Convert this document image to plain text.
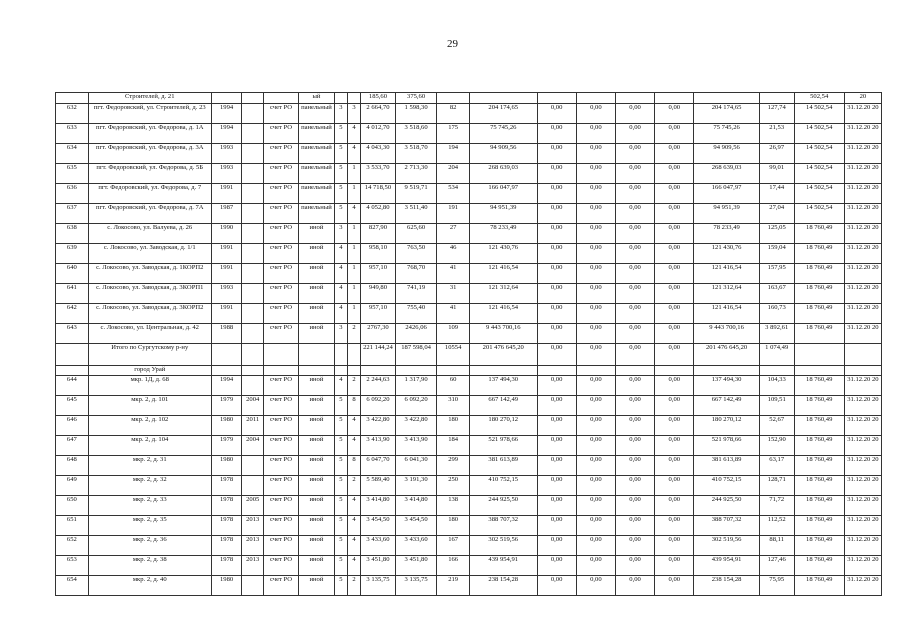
29
	Строителей, д. 21				ый			185,60	375,60									502,54	20
632	пгт. Федоровский, ул. Строителей, д. 23	1994		счет РО	панельный	3	3	2 664,70	1 598,30	82	204 174,65	0,00	0,00	0,00	0,00	204 174,65	127,74	14 502,54	31.12.20 20
633	пгт. Федоровский, ул. Федорова, д. 1А	1994		счет РО	панельный	5	4	4 012,70	3 518,60	175	75 745,26	0,00	0,00	0,00	0,00	75 745,26	21,53	14 502,54	31.12.20 20
634	пгт. Федоровский, ул. Федорова, д. 3А	1993		счет РО	панельный	5	4	4 043,30	3 518,70	194	94 909,56	0,00	0,00	0,00	0,00	94 909,56	26,97	14 502,54	31.12.20 20
635	пгт. Федоровский, ул. Федорова, д. 5Б	1993		счет РО	панельный	5	1	3 533,70	2 713,30	204	268 639,03	0,00	0,00	0,00	0,00	268 639,03	99,01	14 502,54	31.12.20 20
636	пгт. Федоровский, ул. Федорова, д. 7	1991		счет РО	панельный	5	1	14 718,50	9 519,71	534	166 047,97	0,00	0,00	0,00	0,00	166 047,97	17,44	14 502,54	31.12.20 20
637	пгт. Федоровский, ул. Федорова, д. 7А	1987		счет РО	панельный	5	4	4 052,80	3 511,40	191	94 951,39	0,00	0,00	0,00	0,00	94 951,39	27,04	14 502,54	31.12.20 20
638	с. Локосово, ул. Валуева, д. 26	1990		счет РО	иной	3	1	827,90	625,60	27	78 233,49	0,00	0,00	0,00	0,00	78 233,49	125,05	18 760,49	31.12.20 20
639	с. Локосово, ул. Заводская, д. 1/1	1991		счет РО	иной	4	1	958,10	763,50	46	121 430,76	0,00	0,00	0,00	0,00	121 430,76	159,04	18 760,49	31.12.20 20
640	с. Локосово, ул. Заводская, д. 1КОРП2	1991		счет РО	иной	4	1	957,10	768,70	41	121 416,54	0,00	0,00	0,00	0,00	121 416,54	157,95	18 760,49	31.12.20 20
641	с. Локосово, ул. Заводская, д. 3КОРП1	1993		счет РО	иной	4	1	949,80	741,19	31	121 312,64	0,00	0,00	0,00	0,00	121 312,64	163,67	18 760,49	31.12.20 20
642	с. Локосово, ул. Заводская, д. 3КОРП2	1991		счет РО	иной	4	1	957,10	755,40	41	121 416,54	0,00	0,00	0,00	0,00	121 416,54	160,73	18 760,49	31.12.20 20
643	с. Локосово, ул. Центральная, д. 42	1988		счет РО	иной	3	2	2767,30	2426,06	109	9 443 700,16	0,00	0,00	0,00	0,00	9 443 700,16	3 892,61	18 760,49	31.12.20 20
	Итого по Сургутскому р-ну							221 144,24	187 598,04	10554	201 476 645,20	0,00	0,00	0,00	0,00	201 476 645,20	1 074,49		
	город Урай																		
644	мкр. 1Д, д. 68	1994		счет РО	иной	4	2	2 244,63	1 317,90	60	137 494,30	0,00	0,00	0,00	0,00	137 494,30	104,33	18 760,49	31.12.20 20
645	мкр. 2, д. 101	1979	2004	счет РО	иной	5	8	6 092,20	6 092,20	310	667 142,49	0,00	0,00	0,00	0,00	667 142,49	109,51	18 760,49	31.12.20 20
646	мкр. 2, д. 102	1980	2011	счет РО	иной	5	4	3 422,80	3 422,80	180	180 270,12	0,00	0,00	0,00	0,00	180 270,12	52,67	18 760,49	31.12.20 20
647	мкр. 2, д. 104	1979	2004	счет РО	иной	5	4	3 413,90	3 413,90	184	521 978,66	0,00	0,00	0,00	0,00	521 978,66	152,90	18 760,49	31.12.20 20
648	мкр. 2, д. 31	1980		счет РО	иной	5	8	6 047,70	6 041,30	299	381 613,89	0,00	0,00	0,00	0,00	381 613,89	63,17	18 760,49	31.12.20 20
649	мкр. 2, д. 32	1978		счет РО	иной	5	2	5 589,40	3 191,30	250	410 752,15	0,00	0,00	0,00	0,00	410 752,15	128,71	18 760,49	31.12.20 20
650	мкр. 2, д. 33	1978	2005	счет РО	иной	5	4	3 414,80	3 414,80	138	244 925,50	0,00	0,00	0,00	0,00	244 925,50	71,72	18 760,49	31.12.20 20
651	мкр. 2, д. 35	1978	2013	счет РО	иной	5	4	3 454,50	3 454,50	180	388 707,32	0,00	0,00	0,00	0,00	388 707,32	112,52	18 760,49	31.12.20 20
652	мкр. 2, д. 36	1978	2013	счет РО	иной	5	4	3 433,60	3 433,60	167	302 519,56	0,00	0,00	0,00	0,00	302 519,56	88,11	18 760,49	31.12.20 20
653	мкр. 2, д. 38	1978	2013	счет РО	иной	5	4	3 451,80	3 451,80	166	439 954,91	0,00	0,00	0,00	0,00	439 954,91	127,46	18 760,49	31.12.20 20
654	мкр. 2, д. 40	1980		счет РО	иной	5	2	3 135,75	3 135,75	219	238 154,28	0,00	0,00	0,00	0,00	238 154,28	75,95	18 760,49	31.12.20 20
